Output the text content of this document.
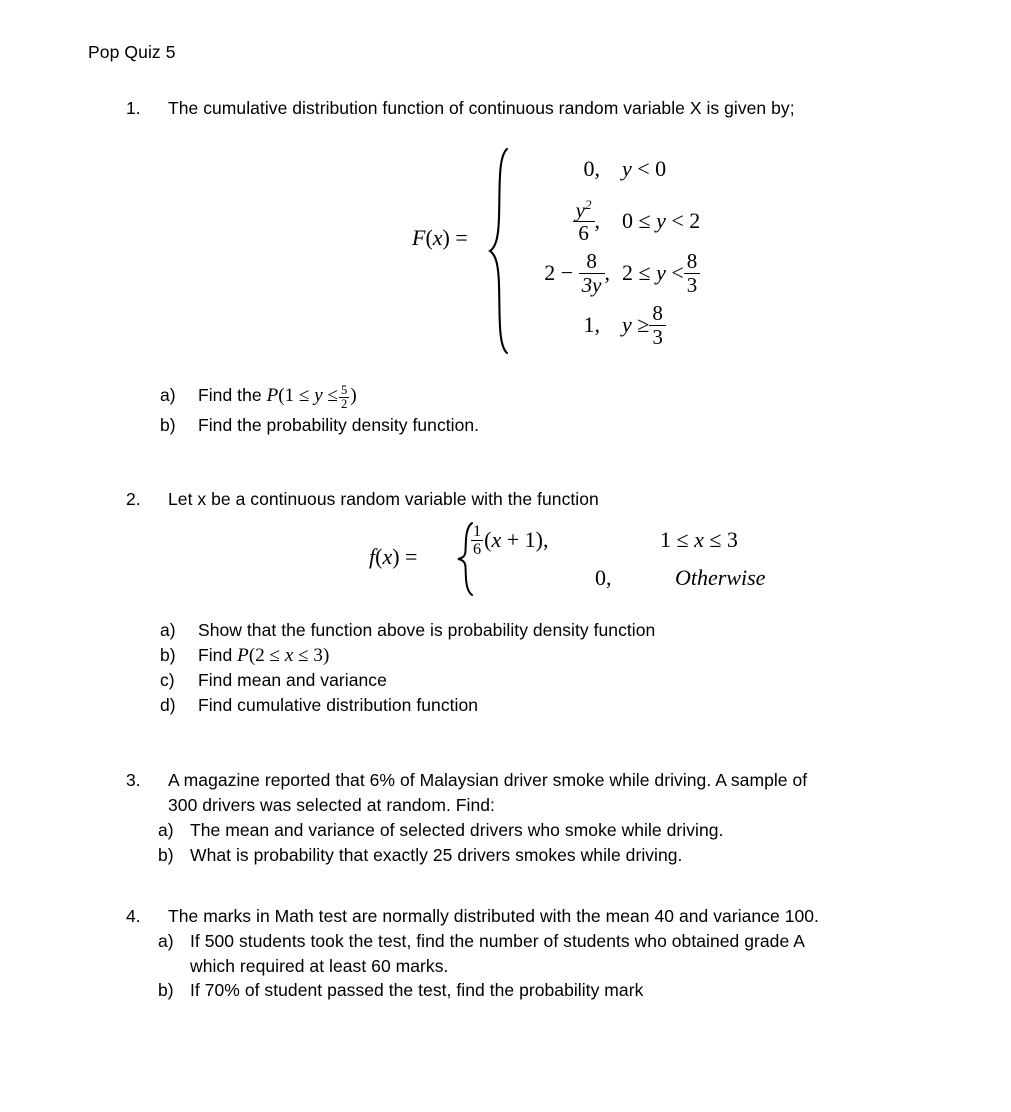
Pop Quiz 5
1. The cumulative distribution function of continuous random variable X is given by;
F(x) =
0, y
< 0
$\frac{y^2}{6}$ , 0 ≤
y
< 2
2 −
$\frac{8}{3y}$ , 2 ≤
y
< $\frac{8}{3}$
1, y
≥ $\frac{8}{3}$
a) Find the $P(1 \le y \le \frac{5}{2}$ )
b) Find the probability density function.
2. Let x be a continuous random variable with the function
f(x) =	$\frac{1}{6}$ ( x
+ 1),	1 ≤
x
≤ 3
0,	Otherwise
a) Show that the function above is probability density function
b) Find P(2 ≤ x ≤ 3)
c) Find mean and variance
d) Find cumulative distribution function
3. A magazine reported that 6% of Malaysian driver smoke while driving. A sample of
300 drivers was selected at random. Find:
a) The mean and variance of selected drivers who smoke while driving.
b) What is probability that exactly 25 drivers smokes while driving.
4. The marks in Math test are normally distributed with the mean 40 and variance 100.
a) If 500 students took the test, find the number of students who obtained grade A
which required at least 60 marks.
b) If 70% of student passed the test, find the probability mark
